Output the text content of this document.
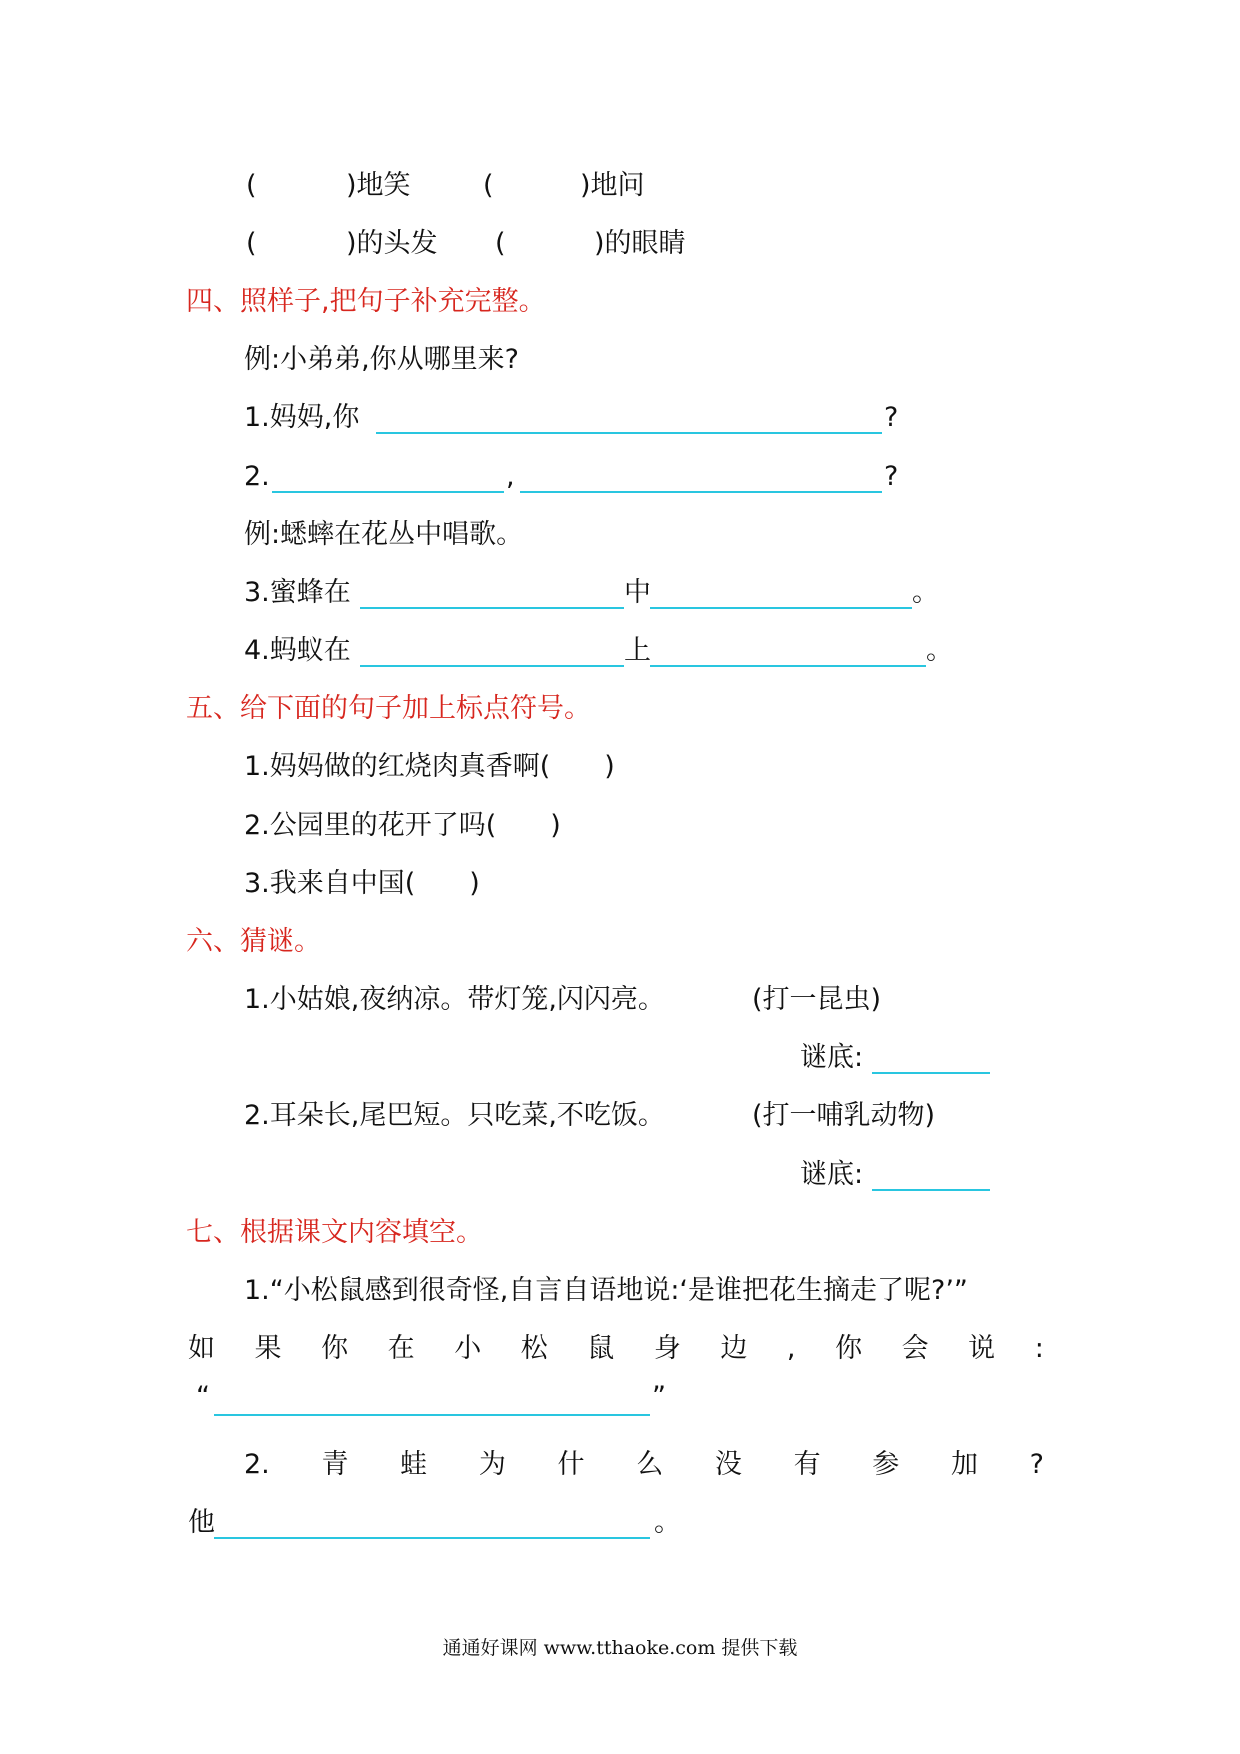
(	)地笑	(	)地问
(	)的头发 (	)的眼睛
四、照样子,把句子补充完整。
例:小弟弟,你从哪里来?
1.妈妈,你	?
2.	,	?
例:蟋蟀在花丛中唱歌。
3.蜜蜂在	中	。
4.蚂蚁在	上	。
五、给下面的句子加上标点符号。
1.妈妈做的红烧肉真香啊(　　)
2.公园里的花开了吗(　　)
3.我来自中国(　　)
六、猜谜。
1.小姑娘,夜纳凉。带灯笼,闪闪亮。	(打一昆虫)
谜底:
2.耳朵长,尾巴短。只吃菜,不吃饭。	(打一哺乳动物)
谜底:
七、根据课文内容填空。
1.“小松鼠感到很奇怪,自言自语地说:‘是谁把花生摘走了呢?’”
如 果 你 在 小 松 鼠 身 边 , 你 会 说 :
“	”
2. 青 蛙 为 什 么 没 有 参 加 ?
他	。
通通好课网 www.tthaoke.com 提供下载
